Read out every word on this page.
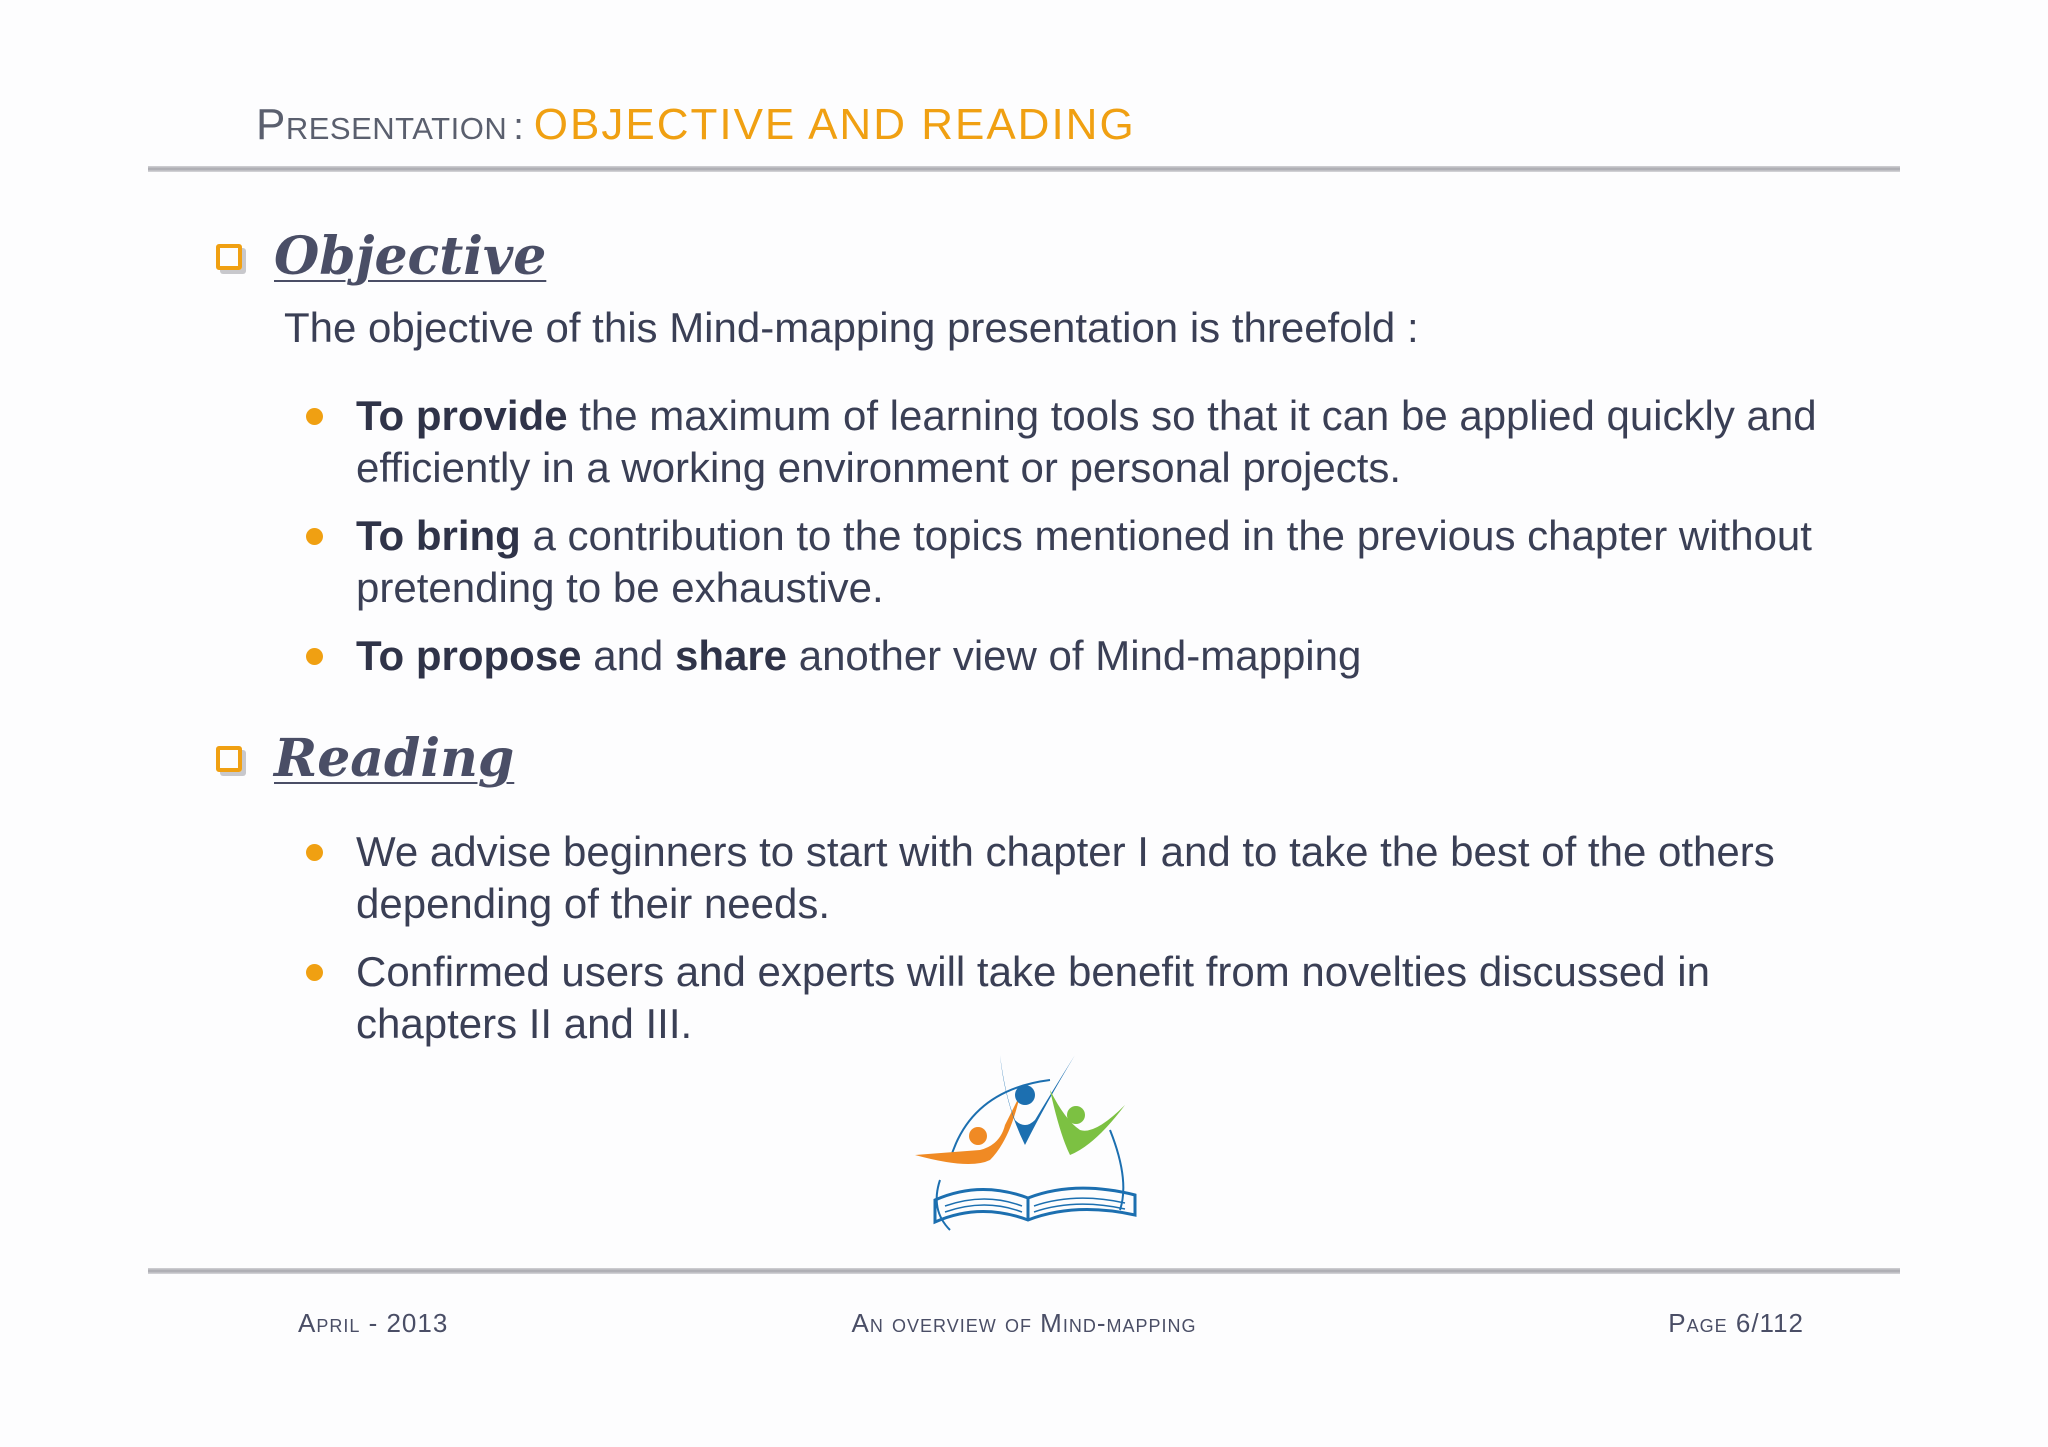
Presentation : OBJECTIVE AND READING
Objective
The objective of this Mind-mapping presentation is threefold :
To provide the maximum of learning tools so that it can be applied quickly and efficiently in a working environment or personal projects.
To bring a contribution to the topics mentioned in the previous chapter without pretending to be exhaustive.
To propose and share another view of Mind-mapping
Reading
We advise beginners to start with chapter I and to take the best of the others depending of their needs.
Confirmed users and experts will take benefit from novelties discussed in chapters II and III.
April - 2013	An overview of Mind-mapping	Page 6/112
